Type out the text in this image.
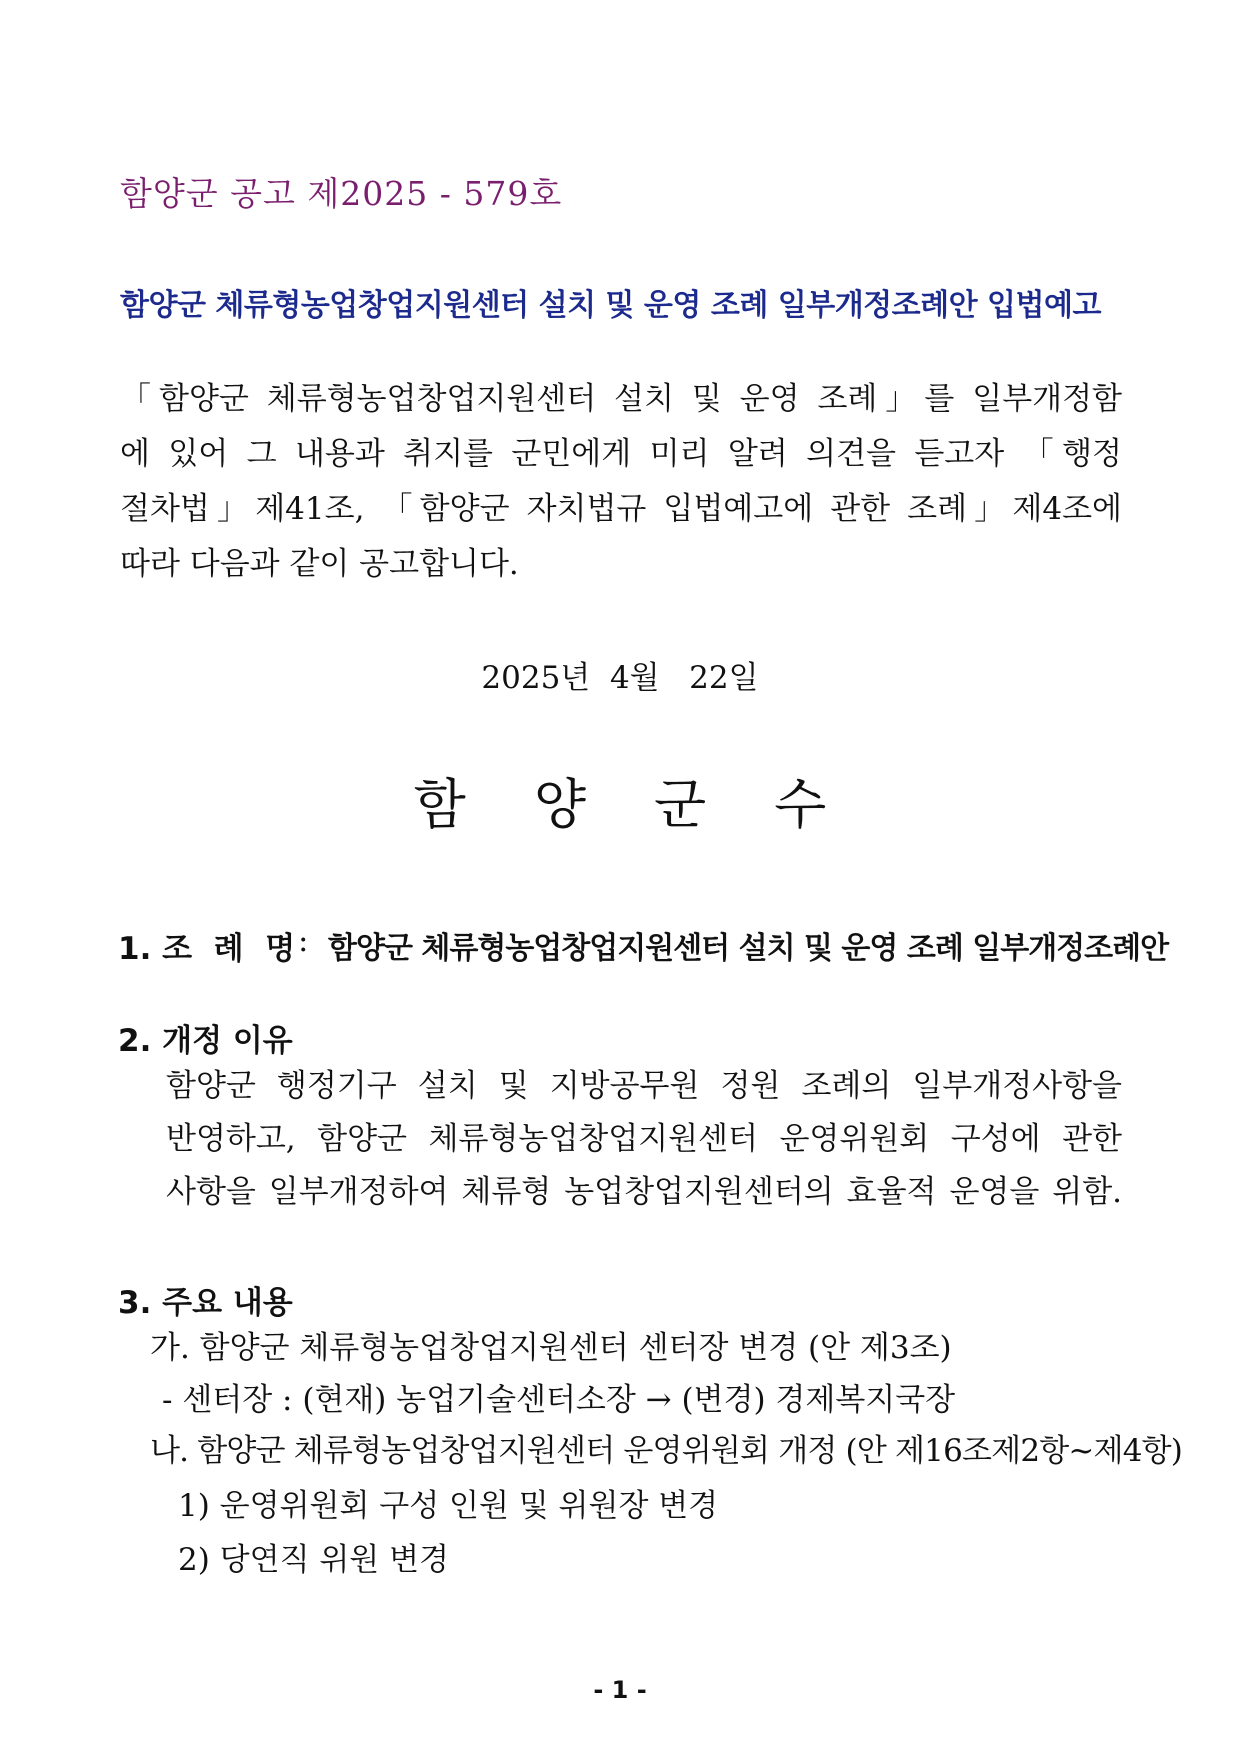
함양군 공고 제2025 - 579호
함양군 체류형농업창업지원센터 설치 및 운영 조례 일부개정조례안 입법예고
「함양군 체류형농업창업지원센터 설치 및 운영 조례」를 일부개정함
에 있어 그 내용과 취지를 군민에게 미리 알려 의견을 듣고자 「행정
절차법」제41조, 「함양군 자치법규 입법예고에 관한 조례」제4조에
따라 다음과 같이 공고합니다.
2025년  4월   22일
함양군수
1. 조  례  명 : 함양군 체류형농업창업지원센터 설치 및 운영 조례 일부개정조례안
2. 개정 이유
함양군 행정기구 설치 및 지방공무원 정원 조례의 일부개정사항을
반영하고, 함양군 체류형농업창업지원센터 운영위원회 구성에 관한
사항을 일부개정하여 체류형 농업창업지원센터의 효율적 운영을 위함.
3. 주요 내용
가. 함양군 체류형농업창업지원센터 센터장 변경 (안 제3조)
- 센터장 : (현재) 농업기술센터소장 → (변경) 경제복지국장
나. 함양군 체류형농업창업지원센터 운영위원회 개정 (안 제16조제2항~제4항)
1) 운영위원회 구성 인원 및 위원장 변경
2) 당연직 위원 변경
- 1 -
